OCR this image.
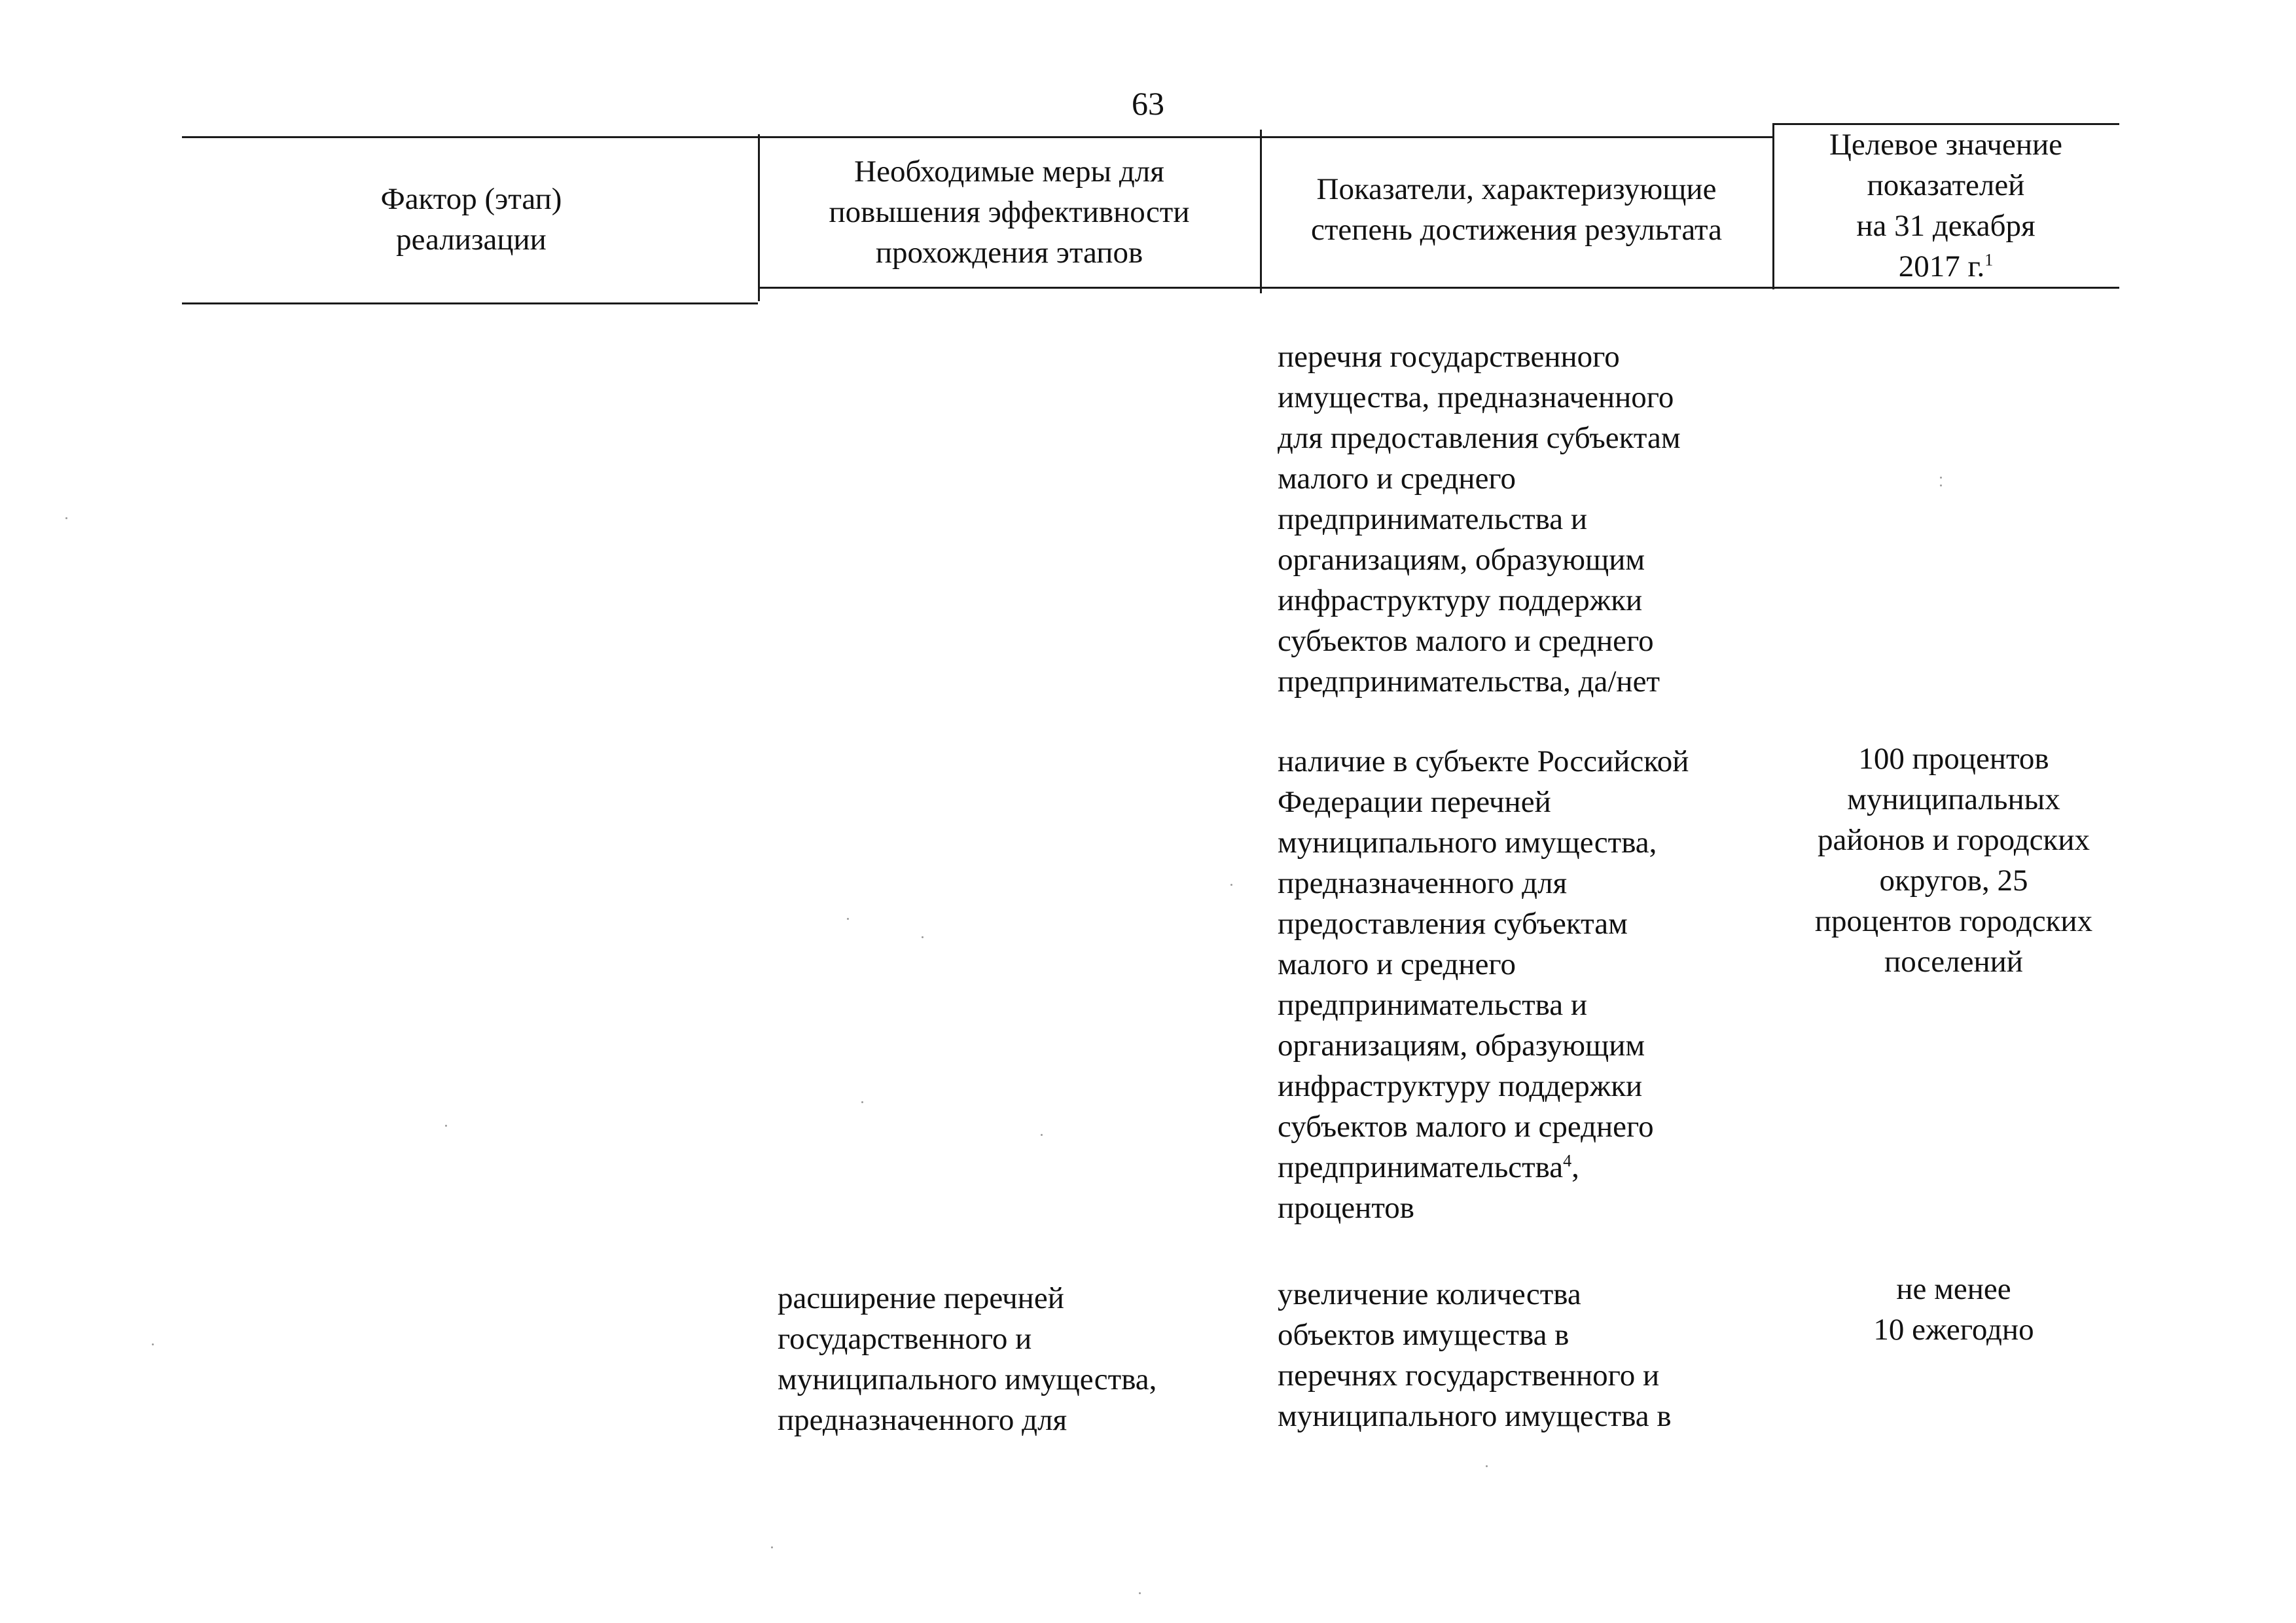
63
Фактор (этап)
реализации
Необходимые меры для
повышения эффективности
прохождения этапов
Показатели, характеризующие
степень достижения результата
Целевое значение
показателей
на 31 декабря
2017 г.$^1$
перечня государственного
имущества, предназначенного
для предоставления субъектам
малого и среднего
предпринимательства и
организациям, образующим
инфраструктуру поддержки
субъектов малого и среднего
предпринимательства, да/нет
наличие в субъекте Российской
Федерации перечней
муниципального имущества,
предназначенного для
предоставления субъектам
малого и среднего
предпринимательства и
организациям, образующим
инфраструктуру поддержки
субъектов малого и среднего
предпринимательства$^4$,
процентов
100 процентов
муниципальных
районов и городских
округов, 25
процентов городских
поселений
расширение перечней
государственного и
муниципального имущества,
предназначенного для
увеличение количества
объектов имущества в
перечнях государственного и
муниципального имущества в
не менее
10 ежегодно
